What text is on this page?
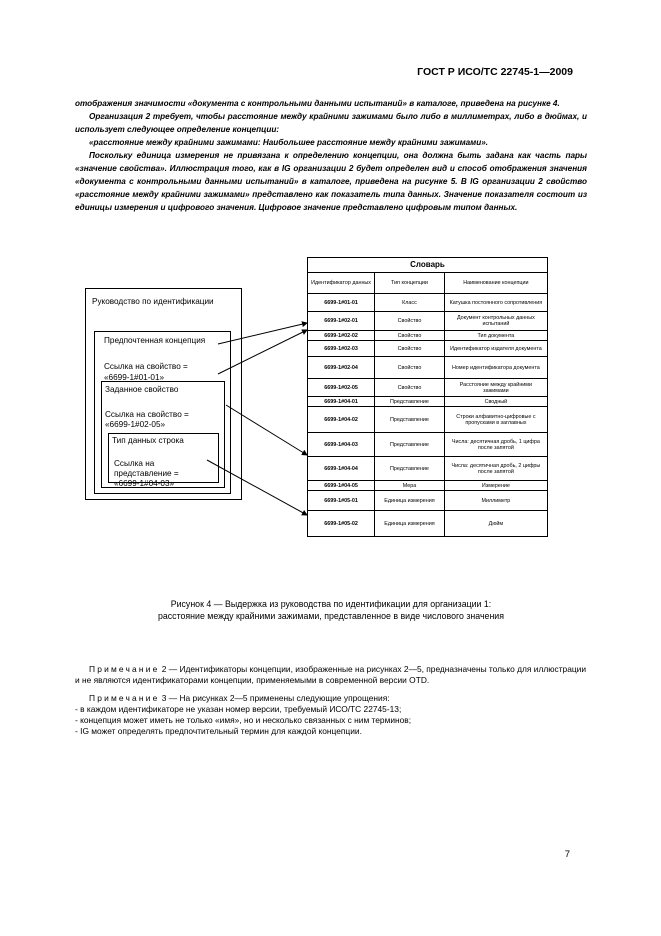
ГОСТ Р ИСО/ТС 22745-1—2009

отображения значимости «документа с контрольными данными испытаний» в каталоге, приведена на рисунке 4.

Организация 2 требует, чтобы расстояние между крайними зажимами было либо в миллиметрах, либо в дюймах, и использует следующее определение концепции:

«расстояние между крайними зажимами: Наибольшее расстояние между крайними зажимами».

Поскольку единица измерения не привязана к определению концепции, она должна быть задана как часть пары «значение свойства». Иллюстрация того, как в IG организации 2 будет определен вид и способ отображения значения «документа с контрольными данными испытаний» в каталоге, приведена на рисунке 5. В IG организации 2 свойство «расстояние между крайними зажимами» представлено как показатель типа данных. Значение показателя состоит из единицы измерения и цифрового значения. Цифровое значение представлено цифровым типом данных.

Руководство по идентификации
Предпочтенная концепция
Ссылка на свойство =
«6699-1#01-01»
Заданное свойство
Ссылка на свойство =
«6699-1#02-05»
Тип данных строка
Ссылка на
представление =
«6699-1#04-03»
Словарь		
Идентификатор данных	Тип концепции	Наименование концепции
6699-1#01-01	Класс	Катушка постоянного сопротивления
6699-1#02-01	Свойство	Документ контрольных данных испытаний
6699-1#02-02	Свойство	Тип документа
6699-1#02-03	Свойство	Идентификатор издателя документа
6699-1#02-04	Свойство	Номер идентификатора документа
6699-1#02-05	Свойство	Расстояние между крайними зажимами
6699-1#04-01	Представление	Сводный
6699-1#04-02	Представление	Строки алфавитно-цифровые с пропусками в заглавных
6699-1#04-03	Представление	Числа: десятичная дробь, 1 цифра после запятой
6699-1#04-04	Представление	Числа: десятичная дробь, 2 цифры после запятой
6699-1#04-05	Мера	Измерение
6699-1#05-01	Единица измерения	Миллиметр
6699-1#05-02	Единица измерения	Дюйм
Рисунок 4 — Выдержка из руководства по идентификации для организации 1:
расстояние между крайними зажимами, представленное в виде числового значения

Примечание 2 — Идентификаторы концепции, изображенные на рисунках 2—5, предназначены только для иллюстрации и не являются идентификаторами концепции, применяемыми в современной версии OTD.

Примечание 3 — На рисунках 2—5 применены следующие упрощения:

- в каждом идентификаторе не указан номер версии, требуемый ИСО/ТС 22745-13;

- концепция может иметь не только «имя», но и несколько связанных с ним терминов;

- IG может определять предпочтительный термин для каждой концепции.

7
